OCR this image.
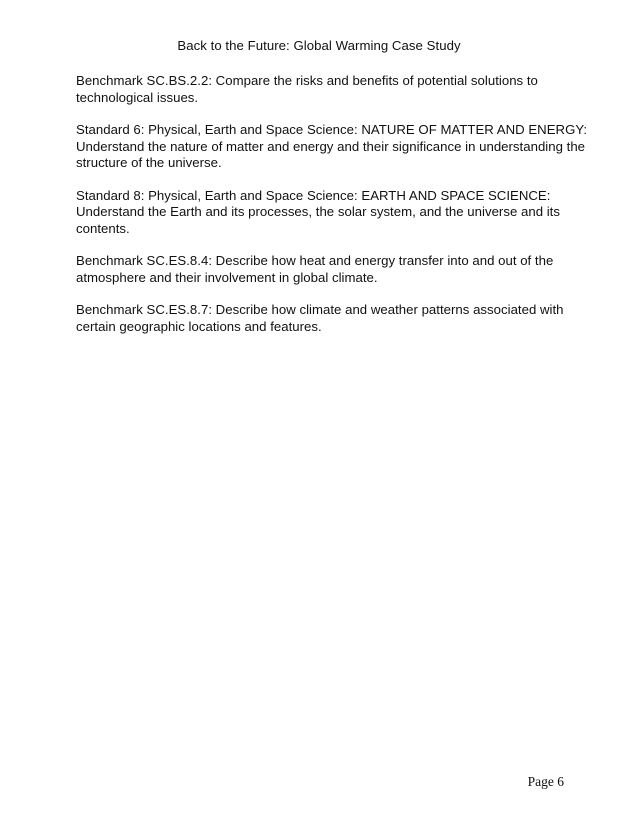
Back to the Future: Global Warming Case Study

Benchmark SC.BS.2.2: Compare the risks and benefits of potential solutions to
technological issues.

Standard 6: Physical, Earth and Space Science: NATURE OF MATTER AND ENERGY:
Understand the nature of matter and energy and their significance in understanding the
structure of the universe.

Standard 8: Physical, Earth and Space Science: EARTH AND SPACE SCIENCE:
Understand the Earth and its processes, the solar system, and the universe and its
contents.

Benchmark SC.ES.8.4: Describe how heat and energy transfer into and out of the
atmosphere and their involvement in global climate.

Benchmark SC.ES.8.7: Describe how climate and weather patterns associated with
certain geographic locations and features.

Page 6
